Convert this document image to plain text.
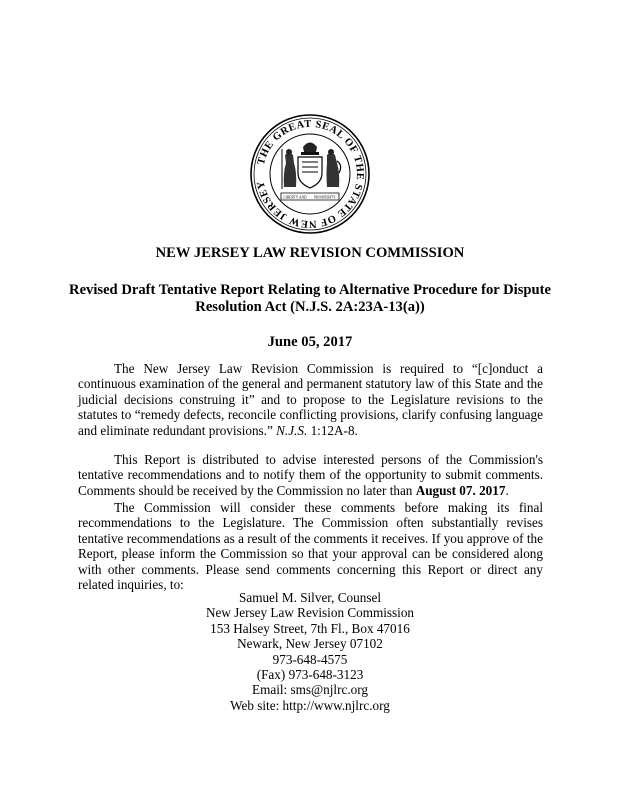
THE GREAT SEAL OF THE STATE OF NEW JERSEY
LIBERTY AND PROSPERITY
NEW JERSEY LAW REVISION COMMISSION
Revised Draft Tentative Report Relating to Alternative Procedure for Dispute
Resolution Act (N.J.S. 2A:23A-13(a))
June 05, 2017
The New Jersey Law Revision Commission is required to “[c]onduct a continuous examination of the general and permanent statutory law of this State and the judicial decisions construing it” and to propose to the Legislature revisions to the statutes to “remedy defects, reconcile conflicting provisions, clarify confusing language and eliminate redundant provisions.” N.J.S. 1:12A-8.
This Report is distributed to advise interested persons of the Commission's tentative recommendations and to notify them of the opportunity to submit comments. Comments should be received by the Commission no later than August 07. 2017.
The Commission will consider these comments before making its final recommendations to the Legislature. The Commission often substantially revises tentative recommendations as a result of the comments it receives. If you approve of the Report, please inform the Commission so that your approval can be considered along with other comments. Please send comments concerning this Report or direct any related inquiries, to:
Samuel M. Silver, Counsel
New Jersey Law Revision Commission
153 Halsey Street, 7th Fl., Box 47016
Newark, New Jersey 07102
973-648-4575
(Fax) 973-648-3123
Email: sms@njlrc.org
Web site: http://www.njlrc.org
